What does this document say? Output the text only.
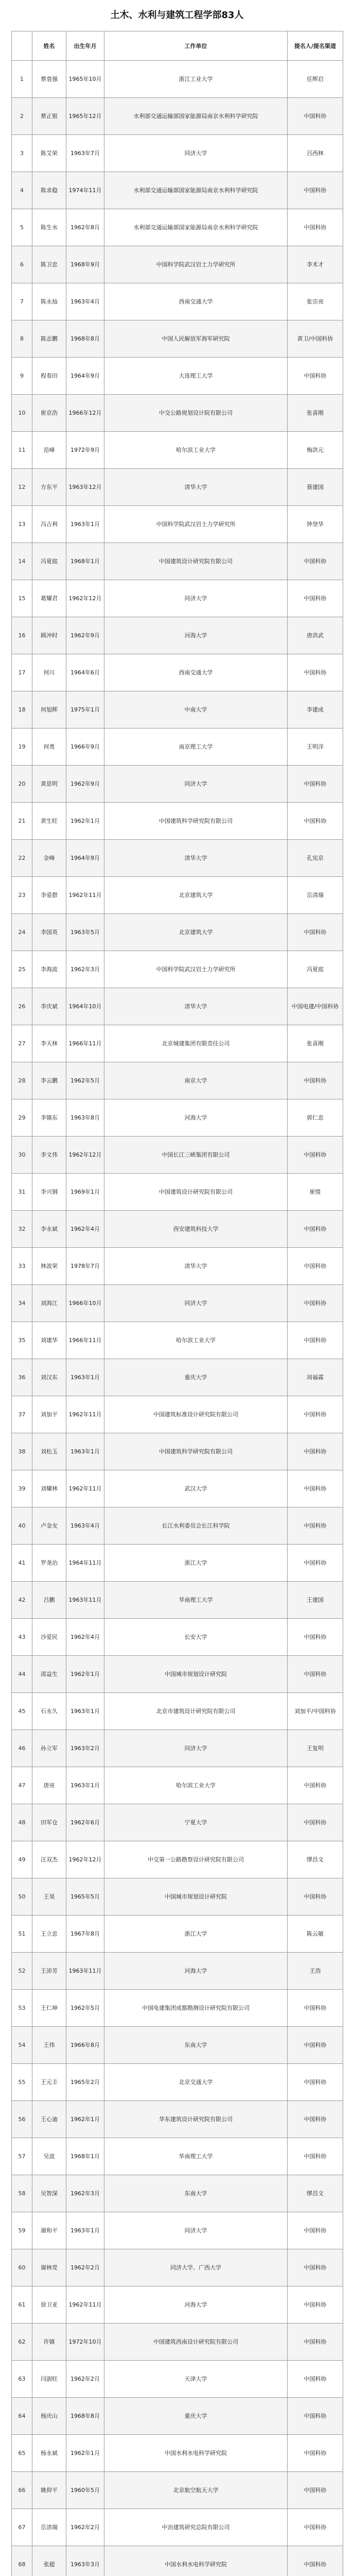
土木、水利与建筑工程学部83人
	姓名	出生年月	工作单位	提名人/提名渠道
1	蔡袁强	1965年10月	浙江工业大学	任辉启
2	蔡正银	1965年12月	水利部交通运输部国家能源局南京水利科学研究院	中国科协
3	陈艾荣	1963年7月	同济大学	吕西林
4	陈求稳	1974年11月	水利部交通运输部国家能源局南京水利科学研究院	中国科协
5	陈生水	1962年8月	水利部交通运输部国家能源局南京水利科学研究院	中国科协
6	陈卫忠	1968年9月	中国科学院武汉岩土力学研究所	李术才
7	陈永灿	1963年4月	西南交通大学	张宗亮
8	陈志鹏	1968年8月	中国人民解放军海军研究院	黄卫/中国科协
9	程春田	1964年9月	大连理工大学	中国科协
10	崔京浩	1966年12月	中交公路规划设计院有限公司	张喜刚
11	范峰	1972年9月	哈尔滨工业大学	梅洪元
12	方东平	1963年12月	清华大学	聂建国
13	冯吉利	1963年1月	中国科学院武汉岩土力学研究所	钟登华
14	冯夏庭	1968年1月	中国建筑设计研究院有限公司	中国科协
15	葛耀君	1962年12月	同济大学	中国科协
16	顾冲时	1962年9月	河海大学	唐洪武
17	何川	1964年6月	西南交通大学	中国科协
18	何旭辉	1975年1月	中南大学	李建成
19	何勇	1966年9月	南京理工大学	王明洋
20	黄思明	1962年9月	同济大学	中国科协
21	黄生旺	1962年1月	中国建筑科学研究院有限公司	中国科协
22	金峰	1964年9月	清华大学	孔宪京
23	李爱群	1962年11月	北京建筑大学	岳清瑞
24	李国英	1963年5月	北京建筑大学	中国科协
25	李海波	1962年3月	中国科学院武汉岩土力学研究所	冯夏庭
26	李庆斌	1964年10月	清华大学	中国电建/中国科协
27	李天林	1966年11月	北京城建集团有限责任公司	张喜刚
28	李云鹏	1962年5月	南京大学	中国科协
29	李镇东	1963年8月	河海大学	郭仁忠
30	李文伟	1962年12月	中国长江三峡集团有限公司	中国科协
31	李兴钢	1969年1月	中国建筑设计研究院有限公司	崔愷
32	李永斌	1962年4月	西安建筑科技大学	中国科协
33	林波荣	1978年7月	清华大学	中国科协
34	刘海江	1966年10月	同济大学	中国科协
35	刘建华	1966年11月	哈尔滨工业大学	中国科协
36	刘汉东	1963年1月	重庆大学	周福霖
37	刘加平	1962年11月	中国建筑标准设计研究院有限公司	中国科协
38	刘松玉	1963年1月	中国建筑科学研究院有限公司	中国科协
39	刘耀林	1962年11月	武汉大学	中国科协
40	卢金友	1963年4月	长江水利委员会长江科学院	中国科协
41	罗尧治	1964年11月	浙江大学	中国科协
42	吕鹏	1963年11月	华南理工大学	王建国
43	沙爱民	1962年4月	长安大学	中国科协
44	邵益生	1962年1月	中国城市规划设计研究院	中国科协
45	石永久	1963年1月	北京市建筑设计研究院有限公司	刘加平/中国科协
46	孙立军	1963年2月	同济大学	王复明
47	唐亮	1963年1月	哈尔滨工业大学	中国科协
48	田军仓	1962年6月	宁夏大学	中国科协
49	汪双杰	1962年12月	中交第一公路勘察设计研究院有限公司	缪昌文
50	王昊	1965年5月	中国城市规划设计研究院	中国科协
51	王立忠	1967年8月	浙江大学	陈云敏
52	王沛芳	1963年11月	河海大学	王浩
53	王仁坤	1962年5月	中国电建集团成都勘测设计研究院有限公司	中国科协
54	王伟	1966年8月	东南大学	中国科协
55	王元丰	1965年2月	北京交通大学	中国科协
56	王心迪	1962年1月	华东建筑设计研究院有限公司	中国科协
57	吴波	1968年1月	华南理工大学	中国科协
58	吴智深	1962年3月	东南大学	缪昌文
59	谢和平	1963年1月	同济大学	中国科协
60	谢林党	1962年2月	同济大学、广西大学	中国科协
61	徐卫亚	1962年11月	河海大学	中国科协
62	许镇	1972年10月	中国建筑西南设计研究院有限公司	中国科协
63	闫澍旺	1962年2月	天津大学	中国科协
64	杨庆山	1968年8月	重庆大学	中国科协
65	杨永斌	1962年1月	中国水利水电科学研究院	中国科协
66	姚仰平	1960年5月	北京航空航天大学	中国科协
67	岳清瑞	1962年2月	中冶建筑研究总院有限公司	中国科协
68	张超	1963年3月	中国水利水电科学研究院	中国科协
